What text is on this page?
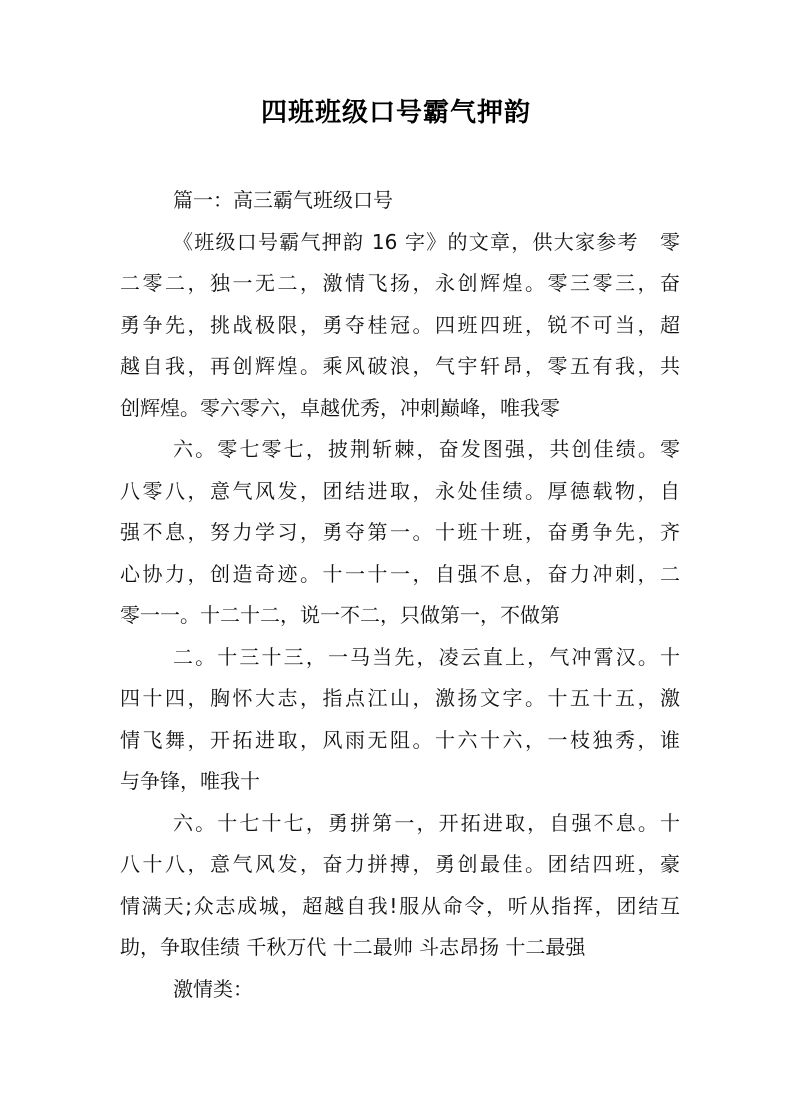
四班班级口号霸气押韵
篇一：高三霸气班级口号
《班级口号霸气押韵 16 字》的文章，供大家参考　零
二零二，独一无二，激情飞扬，永创辉煌。零三零三，奋
勇争先，挑战极限，勇夺桂冠。四班四班，锐不可当，超
越自我，再创辉煌。乘风破浪，气宇轩昂，零五有我，共
创辉煌。零六零六，卓越优秀，冲刺巅峰，唯我零
六。零七零七，披荆斩棘，奋发图强，共创佳绩。零
八零八，意气风发，团结进取，永处佳绩。厚德载物，自
强不息，努力学习，勇夺第一。十班十班，奋勇争先，齐
心协力，创造奇迹。十一十一，自强不息，奋力冲刺，二
零一一。十二十二，说一不二，只做第一，不做第
二。十三十三，一马当先，凌云直上，气冲霄汉。十
四十四，胸怀大志，指点江山，激扬文字。十五十五，激
情飞舞，开拓进取，风雨无阻。十六十六，一枝独秀，谁
与争锋，唯我十
六。十七十七，勇拼第一，开拓进取，自强不息。十
八十八，意气风发，奋力拼搏，勇创最佳。团结四班，豪
情满天;众志成城，超越自我!服从命令，听从指挥，团结互
助，争取佳绩 千秋万代 十二最帅 斗志昂扬 十二最强
激情类：
